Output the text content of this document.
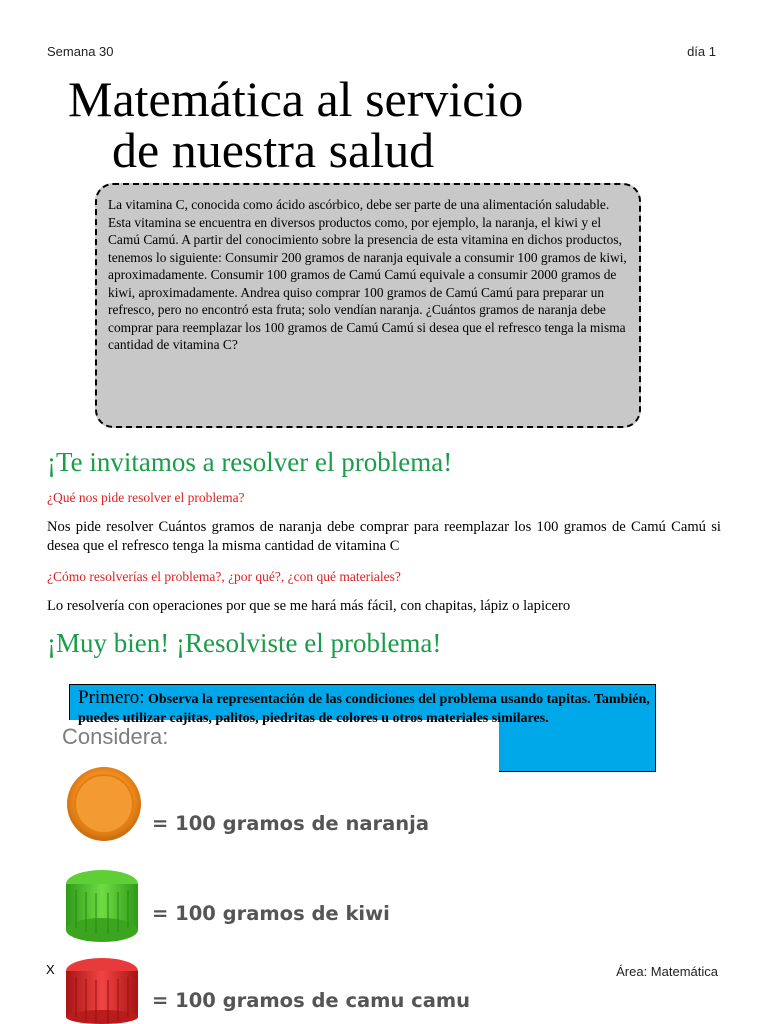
Semana 30	día 1
Matemática al servicio
de nuestra salud
La vitamina C, conocida como ácido ascórbico, debe ser parte de una alimentación saludable. Esta vitamina se encuentra en diversos productos como, por ejemplo, la naranja, el kiwi y el Camú Camú. A partir del conocimiento sobre la presencia de esta vitamina en dichos productos, tenemos lo siguiente: Consumir 200 gramos de naranja equivale a consumir 100 gramos de kiwi, aproximadamente. Consumir 100 gramos de Camú Camú equivale a consumir 2000 gramos de kiwi, aproximadamente. Andrea quiso comprar 100 gramos de Camú Camú para preparar un refresco, pero no encontró esta fruta; solo vendían naranja. ¿Cuántos gramos de naranja debe comprar para reemplazar los 100 gramos de Camú Camú si desea que el refresco tenga la misma cantidad de vitamina C?
¡Te invitamos a resolver el problema!
¿Qué nos pide resolver el problema?
Nos pide resolver Cuántos gramos de naranja debe comprar para reemplazar los 100 gramos de Camú Camú si desea que el refresco tenga la misma cantidad de vitamina C
¿Cómo resolverías el problema?, ¿por qué?, ¿con qué materiales?
Lo resolvería con operaciones por que se me hará más fácil, con chapitas, lápiz o lapicero
¡Muy bien! ¡Resolviste el problema!
Considera:
Primero: Observa la representación de las condiciones del problema usando tapitas. También, puedes utilizar cajitas, palitos, piedritas de colores u otros materiales similares.
= 100 gramos de naranja
= 100 gramos de kiwi
= 100 gramos de camu camu
X	Área: Matemática
